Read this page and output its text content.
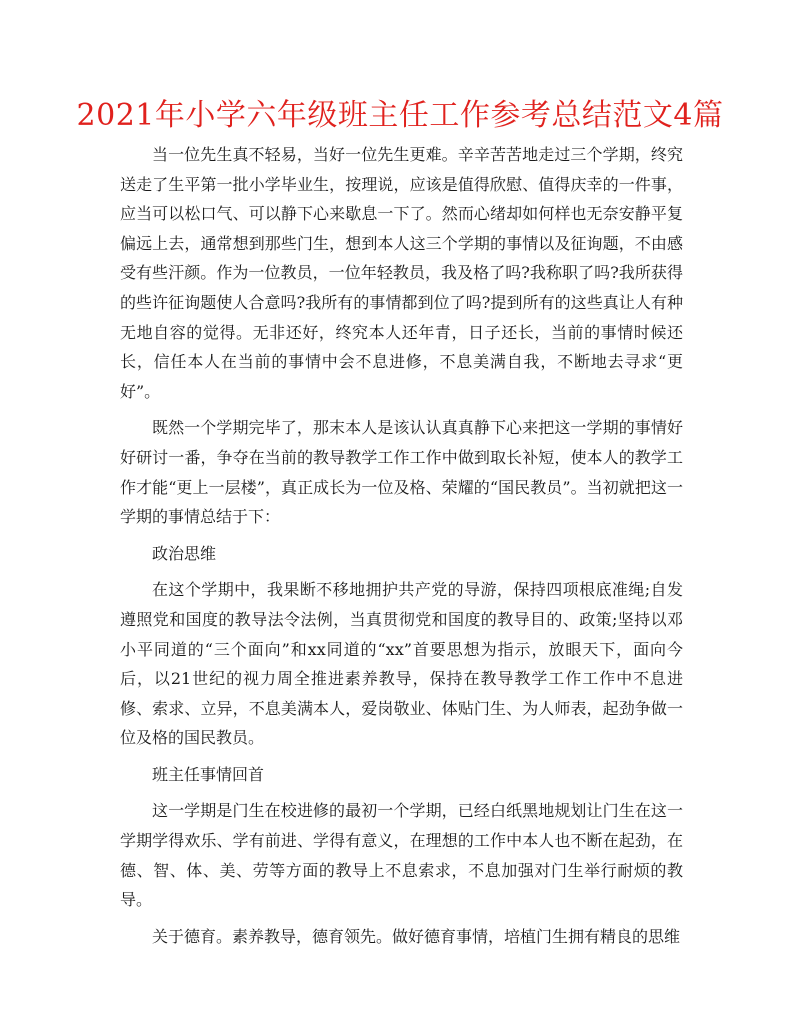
2021年小学六年级班主任工作参考总结范文4篇

当一位先生真不轻易，当好一位先生更难。辛辛苦苦地走过三个学期，终究送走了生平第一批小学毕业生，按理说，应该是值得欣慰、值得庆幸的一件事，应当可以松口气、可以静下心来歇息一下了。然而心绪却如何样也无奈安静平复偏远上去，通常想到那些门生，想到本人这三个学期的事情以及征询题，不由感受有些汗颜。作为一位教员，一位年轻教员，我及格了吗?我称职了吗?我所获得的些许征询题使人合意吗?我所有的事情都到位了吗?提到所有的这些真让人有种无地自容的觉得。无非还好，终究本人还年青，日子还长，当前的事情时候还长，信任本人在当前的事情中会不息进修，不息美满自我，不断地去寻求“更好”。

既然一个学期完毕了，那末本人是该认认真真静下心来把这一学期的事情好好研讨一番，争夺在当前的教导教学工作工作中做到取长补短，使本人的教学工作才能“更上一层楼”，真正成长为一位及格、荣耀的“国民教员”。当初就把这一学期的事情总结于下：

政治思维

在这个学期中，我果断不移地拥护共产党的导游，保持四项根底准绳;自发遵照党和国度的教导法令法例，当真贯彻党和国度的教导目的、政策;坚持以邓小平同道的“三个面向”和xx同道的“xx”首要思想为指示，放眼天下，面向今后，以21世纪的视力周全推进素养教导，保持在教导教学工作工作中不息进修、索求、立异，不息美满本人，爱岗敬业、体贴门生、为人师表，起劲争做一位及格的国民教员。

班主任事情回首

这一学期是门生在校进修的最初一个学期，已经白纸黑地规划让门生在这一学期学得欢乐、学有前进、学得有意义，在理想的工作中本人也不断在起劲，在德、智、体、美、劳等方面的教导上不息索求，不息加强对门生举行耐烦的教导。

关于德育。素养教导，德育领先。做好德育事情，培植门生拥有精良的思维
